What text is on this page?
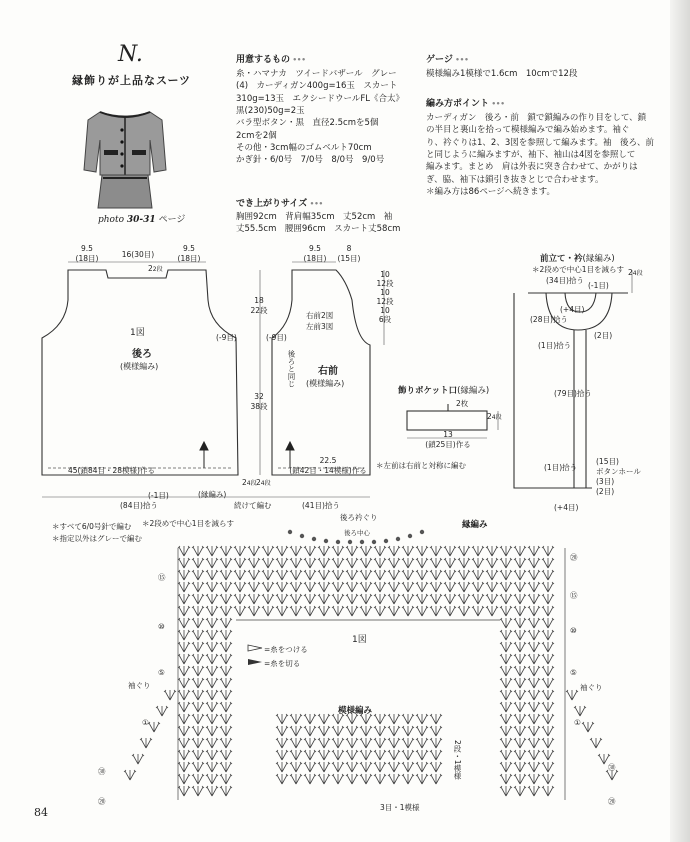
N.
縁飾りが上品なスーツ
photo 30-31 ページ
用意するもの •••
糸・ハマナカ　ツイードバザール　グレー
(4)　カーディガン400g=16玉　スカート
310g=13玉　エクシードウールFL《合太》
黒(230)50g=2玉
バラ型ボタン・黒　直径2.5cmを5個
2cmを2個
その他・3cm幅のゴムベルト70cm
かぎ針・6/0号　7/0号　8/0号　9/0号
でき上がりサイズ •••
胸囲92cm　背肩幅35cm　丈52cm　袖
丈55.5cm　腰囲96cm　スカート丈58cm
ゲージ •••
模様編み1模様で1.6cm　10cmで12段
編み方ポイント •••
カーディガン　後ろ・前　鎖で鎖編みの作り目をして、鎖
の半目と裏山を拾って模様編みで編み始めます。袖ぐ
り、衿ぐりは1、2、3図を参照して編みます。袖　後ろ、前
と同じように編みますが、袖下、袖山は4図を参照して
編みます。まとめ　肩は外表に突き合わせて、かがりは
ぎ、脇、袖下は鎖引き抜きとじで合わせます。
＊編み方は86ページへ続きます。
9.5
(18目)	16(30目)
9.5
(18目)
22段
1図
後ろ
(模様編み)
(-9目)
45(鎖84目・28模様)作る
(縁編み)
24段
(84目)拾う
(-1目)
続けて編む	(41目)拾う
18
22段
32
38段
9.5
(18目)
8
(15目)
右前2図
左前3図
後ろと同じ
(-9目)
右前
(模様編み)
22.5
(鎖42目・14模様)作る
24段
10
12段
10
12段
10
6段
＊左前は右前と対称に編む
飾りポケット口(縁編み)
2枚
24段
13
(鎖25目)作る
前立て・衿(縁編み)
＊2段めで中心1目を減らす
(34目)拾う
(-1目)
24段
(+4目)
(28目)拾う
(1目)拾う
(2目)
(79目)拾う
(1目)拾う
(15目)
ボタンホール
(3目)
(2目)
(+4目)
＊すべて6/0号針で編む
＊指定以外はグレーで編む
＊2段めで中心1目を減らす
後ろ衿ぐり
後ろ中心
縁編み
1図
=糸をつける
=糸を切る
袖ぐり	袖ぐり
模様編み
2段・1模様
3目・1模様
⑮
⑩
⑤
①
㉚
⑳
⑳
⑮
⑩
⑤
①
㉚
⑳
84
